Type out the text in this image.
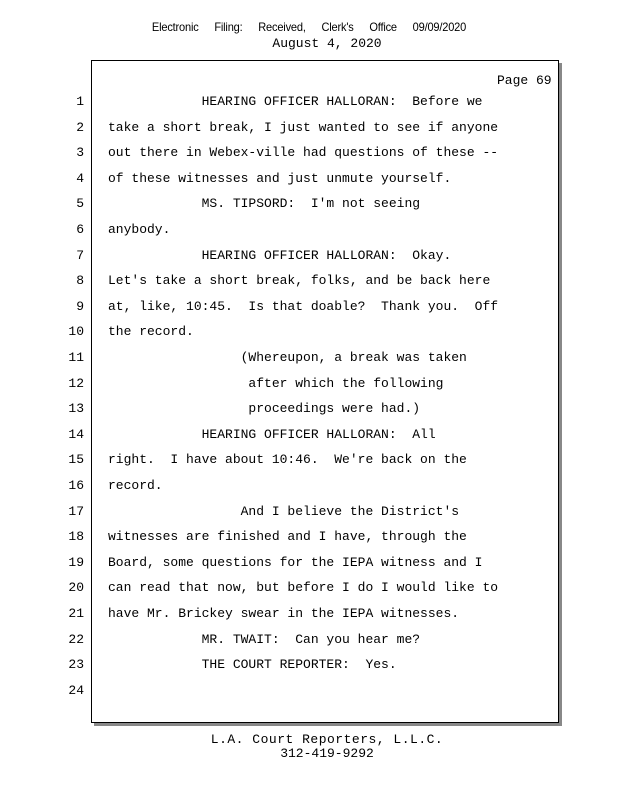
Electronic Filing: Received, Clerk's Office 09/09/2020
August 4, 2020
Page 69
1 HEARING OFFICER HALLORAN:  Before we
2 take a short break, I just wanted to see if anyone
3 out there in Webex-ville had questions of these --
4 of these witnesses and just unmute yourself.
5 MS. TIPSORD:  I'm not seeing
6 anybody.
7 HEARING OFFICER HALLORAN:  Okay.
8 Let's take a short break, folks, and be back here
9 at, like, 10:45.  Is that doable?  Thank you.  Off
10 the record.
11 (Whereupon, a break was taken
12 after which the following
13 proceedings were had.)
14 HEARING OFFICER HALLORAN:  All
15 right.  I have about 10:46.  We're back on the
16 record.
17 And I believe the District's
18 witnesses are finished and I have, through the
19 Board, some questions for the IEPA witness and I
20 can read that now, but before I do I would like to
21 have Mr. Brickey swear in the IEPA witnesses.
22 MR. TWAIT:  Can you hear me?
23 THE COURT REPORTER:  Yes.
24
L.A. Court Reporters, L.L.C.
312-419-9292
